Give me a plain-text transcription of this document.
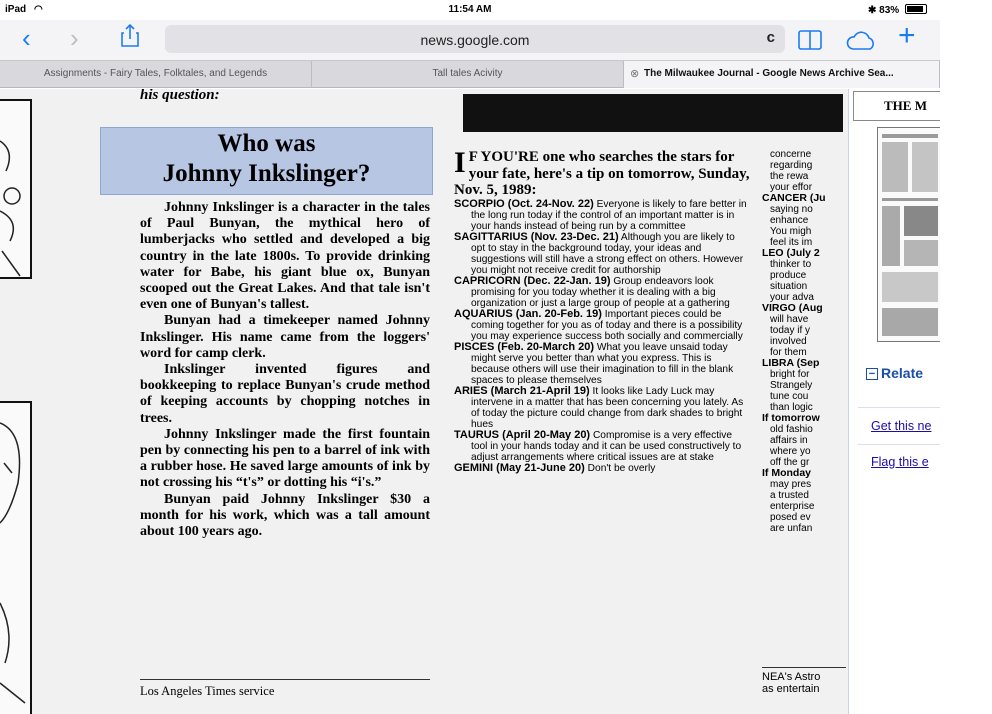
iPad ◠	11:54 AM	✱ 83%
‹ ›	news.google.com	c	+
Assignments - Fairy Tales, Folktales, and Legends	Tall tales Acivity	⊗ The Milwaukee Journal - Google News Archive Sea...
his question:
Who was
Johnny Inkslinger?

Johnny Inkslinger is a character in the tales of Paul Bunyan, the mythical hero of lumberjacks who settled and developed a big country in the late 1800s. To provide drinking water for Babe, his giant blue ox, Bunyan scooped out the Great Lakes. And that tale isn't even one of Bunyan's tallest.

Bunyan had a timekeeper named Johnny Inkslinger. His name came from the loggers' word for camp clerk.

Inkslinger invented figures and bookkeeping to replace Bunyan's crude method of keeping accounts by chopping notches in trees.

Johnny Inkslinger made the first fountain pen by connecting his pen to a barrel of ink with a rubber hose. He saved large amounts of ink by not crossing his “t's” or dotting his “i's.”

Bunyan paid Johnny Inkslinger $30 a month for his work, which was a tall amount about 100 years ago.

Los Angeles Times service
I F YOU'RE one who searches the stars for your fate, here's a tip on tomorrow, Sunday, Nov. 5, 1989:
SCORPIO (Oct. 24-Nov. 22) Everyone is likely to fare better in the long run today if the control of an important matter is in your hands instead of being run by a committee
SAGITTARIUS (Nov. 23-Dec. 21) Although you are likely to opt to stay in the background today, your ideas and suggestions will still have a strong effect on others. However you might not receive credit for authorship
CAPRICORN (Dec. 22-Jan. 19) Group endeavors look promising for you today whether it is dealing with a big organization or just a large group of people at a gathering
AQUARIUS (Jan. 20-Feb. 19) Important pieces could be coming together for you as of today and there is a possibility you may experience success both socially and commercially
PISCES (Feb. 20-March 20) What you leave unsaid today might serve you better than what you express. This is because others will use their imagination to fill in the blank spaces to please themselves
ARIES (March 21-April 19) It looks like Lady Luck may intervene in a matter that has been concerning you lately. As of today the picture could change from dark shades to bright hues
TAURUS (April 20-May 20) Compromise is a very effective tool in your hands today and it can be used constructively to adjust arrangements where critical issues are at stake
GEMINI (May 21-June 20) Don't be overly
concerne
regarding
the rewa
your effor
CANCER (Ju
saying no
enhance
You migh
feel its im
LEO (July 2
thinker to
produce
situation
your adva
VIRGO (Aug
will have
today if y
involved
for them
LIBRA (Sep
bright for
Strangely
tune cou
than logic
If tomorrow
old fashio
affairs in
where yo
off the gr
If Monday
may pres
a trusted
enterprise
posed ev
are unfan
NEA's Astro
as entertain
THE M
− Relate
Get this ne
Flag this e
